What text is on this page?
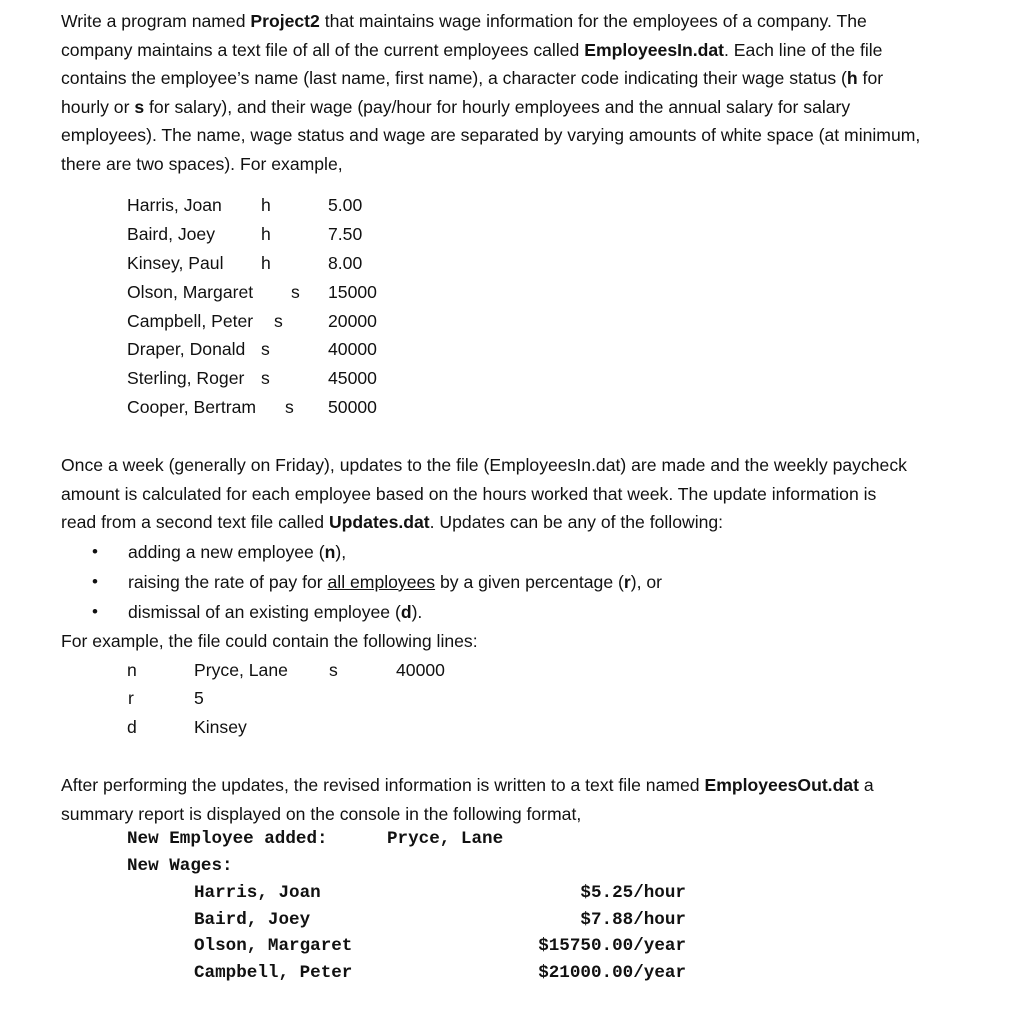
Write a program named Project2 that maintains wage information for the employees of a company. The
company maintains a text file of all of the current employees called EmployeesIn.dat. Each line of the file
contains the employee’s name (last name, first name), a character code indicating their wage status (h for
hourly or s for salary), and their wage (pay/hour for hourly employees and the annual salary for salary
employees). The name, wage status and wage are separated by varying amounts of white space (at minimum,
there are two spaces). For example,

Harris, Joan h	5.00
Baird, Joey	h	7.50
Kinsey, Paul h	8.00
Olson, Margaret s 15000
Campbell, Peter s	20000
Draper, Donald s	40000
Sterling, Roger s	45000
Cooper, Bertram s 50000

Once a week (generally on Friday), updates to the file (EmployeesIn.dat) are made and the weekly paycheck
amount is calculated for each employee based on the hours worked that week. The update information is
read from a second text file called Updates.dat. Updates can be any of the following:

• adding a new employee (n),
• raising the rate of pay for all employees by a given percentage (r), or
• dismissal of an existing employee (d).

For example, the file could contain the following lines:

n	Pryce, Lane s	40000
r	5
d	Kinsey

After performing the updates, the revised information is written to a text file named EmployeesOut.dat a
summary report is displayed on the console in the following format,

New Employee added:	Pryce, Lane
New Wages:
Harris, Joan	$5.25/hour
Baird, Joey	$7.88/hour
Olson, Margaret	$15750.00/year
Campbell, Peter	$21000.00/year
